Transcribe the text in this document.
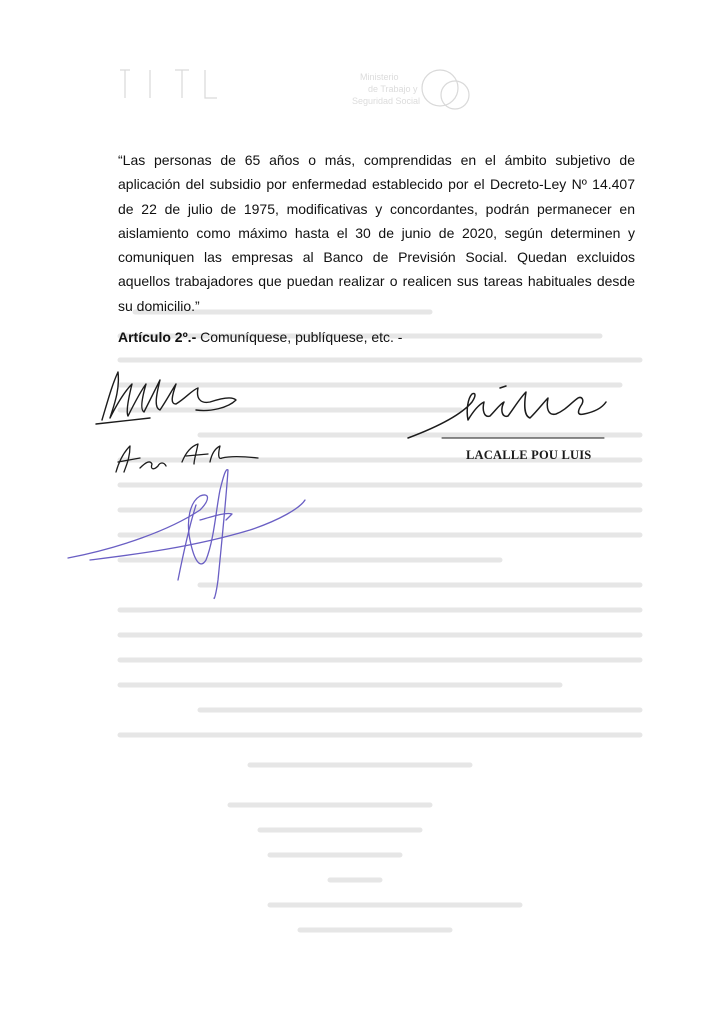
Ministerio
de Trabajo y
Seguridad Social

“Las personas de 65 años o más, comprendidas en el ámbito subjetivo de aplicación del subsidio por enfermedad establecido por el Decreto-Ley Nº 14.407 de 22 de julio de 1975, modificativas y concordantes, podrán permanecer en aislamiento como máximo hasta el 30 de junio de 2020, según determinen y comuniquen las empresas al Banco de Previsión Social. Quedan excluidos aquellos trabajadores que puedan realizar o realicen sus tareas habituales desde su domicilio.”

Artículo 2º.- Comuníquese, publíquese, etc. -
LACALLE POU LUIS
